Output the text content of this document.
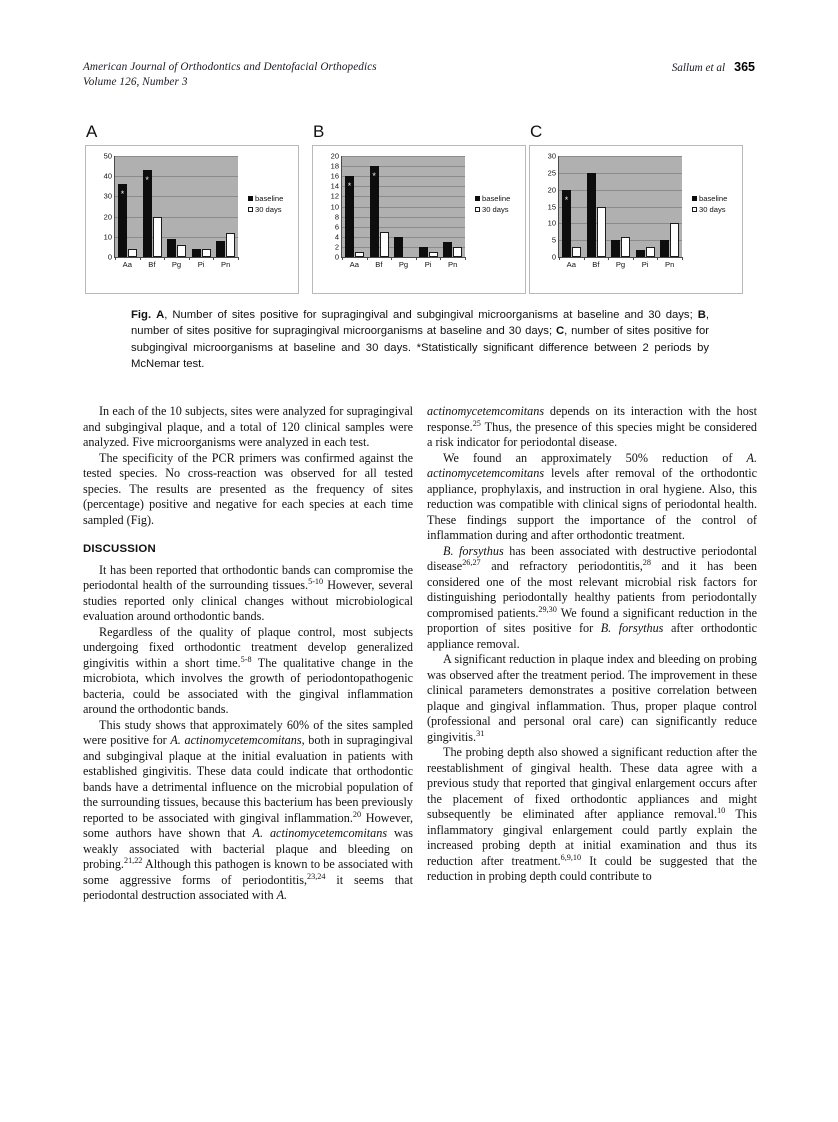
American Journal of Orthodontics and Dentofacial Orthopedics
Volume 126, Number 3
Sallum et al 365
A
0
10
20
30
40
50
*
Aa
*
Bf Pg Pi Pn
baseline
30 days
B
0
2
4
6
8
10
12
14
16
18
20
*
Aa
*
Bf Pg Pi Pn
baseline
30 days
C
0
5
10
15
20
25
30
*
Aa Bf Pg Pi Pn
baseline
30 days
Fig. A, Number of sites positive for supragingival and subgingival microorganisms at baseline and 30 days; B, number of sites positive for supragingival microorganisms at baseline and 30 days; C, number of sites positive for subgingival microorganisms at baseline and 30 days. *Statistically significant difference between 2 periods by McNemar test.

In each of the 10 subjects, sites were analyzed for supragingival and subgingival plaque, and a total of 120 clinical samples were analyzed. Five microorganisms were analyzed in each test.

The specificity of the PCR primers was confirmed against the tested species. No cross-reaction was observed for all tested species. The results are presented as the frequency of sites (percentage) positive and negative for each species at each time sampled (Fig).

DISCUSSION

It has been reported that orthodontic bands can compromise the periodontal health of the surrounding tissues.$^{5-10}$ However, several studies reported only clinical changes without microbiological evaluation around orthodontic bands.

Regardless of the quality of plaque control, most subjects undergoing fixed orthodontic treatment develop generalized gingivitis within a short time.$^{5-8}$ The qualitative change in the microbiota, which involves the growth of periodontopathogenic bacteria, could be associated with the gingival inflammation around the orthodontic bands.

This study shows that approximately 60% of the sites sampled were positive for A. actinomycetemcomitans, both in supragingival and subgingival plaque at the initial evaluation in patients with established gingivitis. These data could indicate that orthodontic bands have a detrimental influence on the microbial population of the surrounding tissues, because this bacterium has been previously reported to be associated with gingival inflammation.$^{20}$ However, some authors have shown that A. actinomycetemcomitans was weakly associated with bacterial plaque and bleeding on probing.$^{21,22}$ Although this pathogen is known to be associated with some aggressive forms of periodontitis,$^{23,24}$ it seems that periodontal destruction associated with A.

actinomycetemcomitans depends on its interaction with the host response.$^{25}$ Thus, the presence of this species might be considered a risk indicator for periodontal disease.

We found an approximately 50% reduction of A. actinomycetemcomitans levels after removal of the orthodontic appliance, prophylaxis, and instruction in oral hygiene. Also, this reduction was compatible with clinical signs of periodontal health. These findings support the importance of the control of inflammation during and after orthodontic treatment.

B. forsythus has been associated with destructive periodontal disease$^{26,27}$ and refractory periodontitis,$^{28}$ and it has been considered one of the most relevant microbial risk factors for distinguishing periodontally healthy patients from periodontally compromised patients.$^{29,30}$ We found a significant reduction in the proportion of sites positive for B. forsythus after orthodontic appliance removal.

A significant reduction in plaque index and bleeding on probing was observed after the treatment period. The improvement in these clinical parameters demonstrates a positive correlation between plaque and gingival inflammation. Thus, proper plaque control (professional and personal oral care) can significantly reduce gingivitis.$^{31}$

The probing depth also showed a significant reduction after the reestablishment of gingival health. These data agree with a previous study that reported that gingival enlargement occurs after the placement of fixed orthodontic appliances and might subsequently be eliminated after appliance removal.$^{10}$ This inflammatory gingival enlargement could partly explain the increased probing depth at initial examination and thus its reduction after treatment.$^{6,9,10}$ It could be suggested that the reduction in probing depth could contribute to
